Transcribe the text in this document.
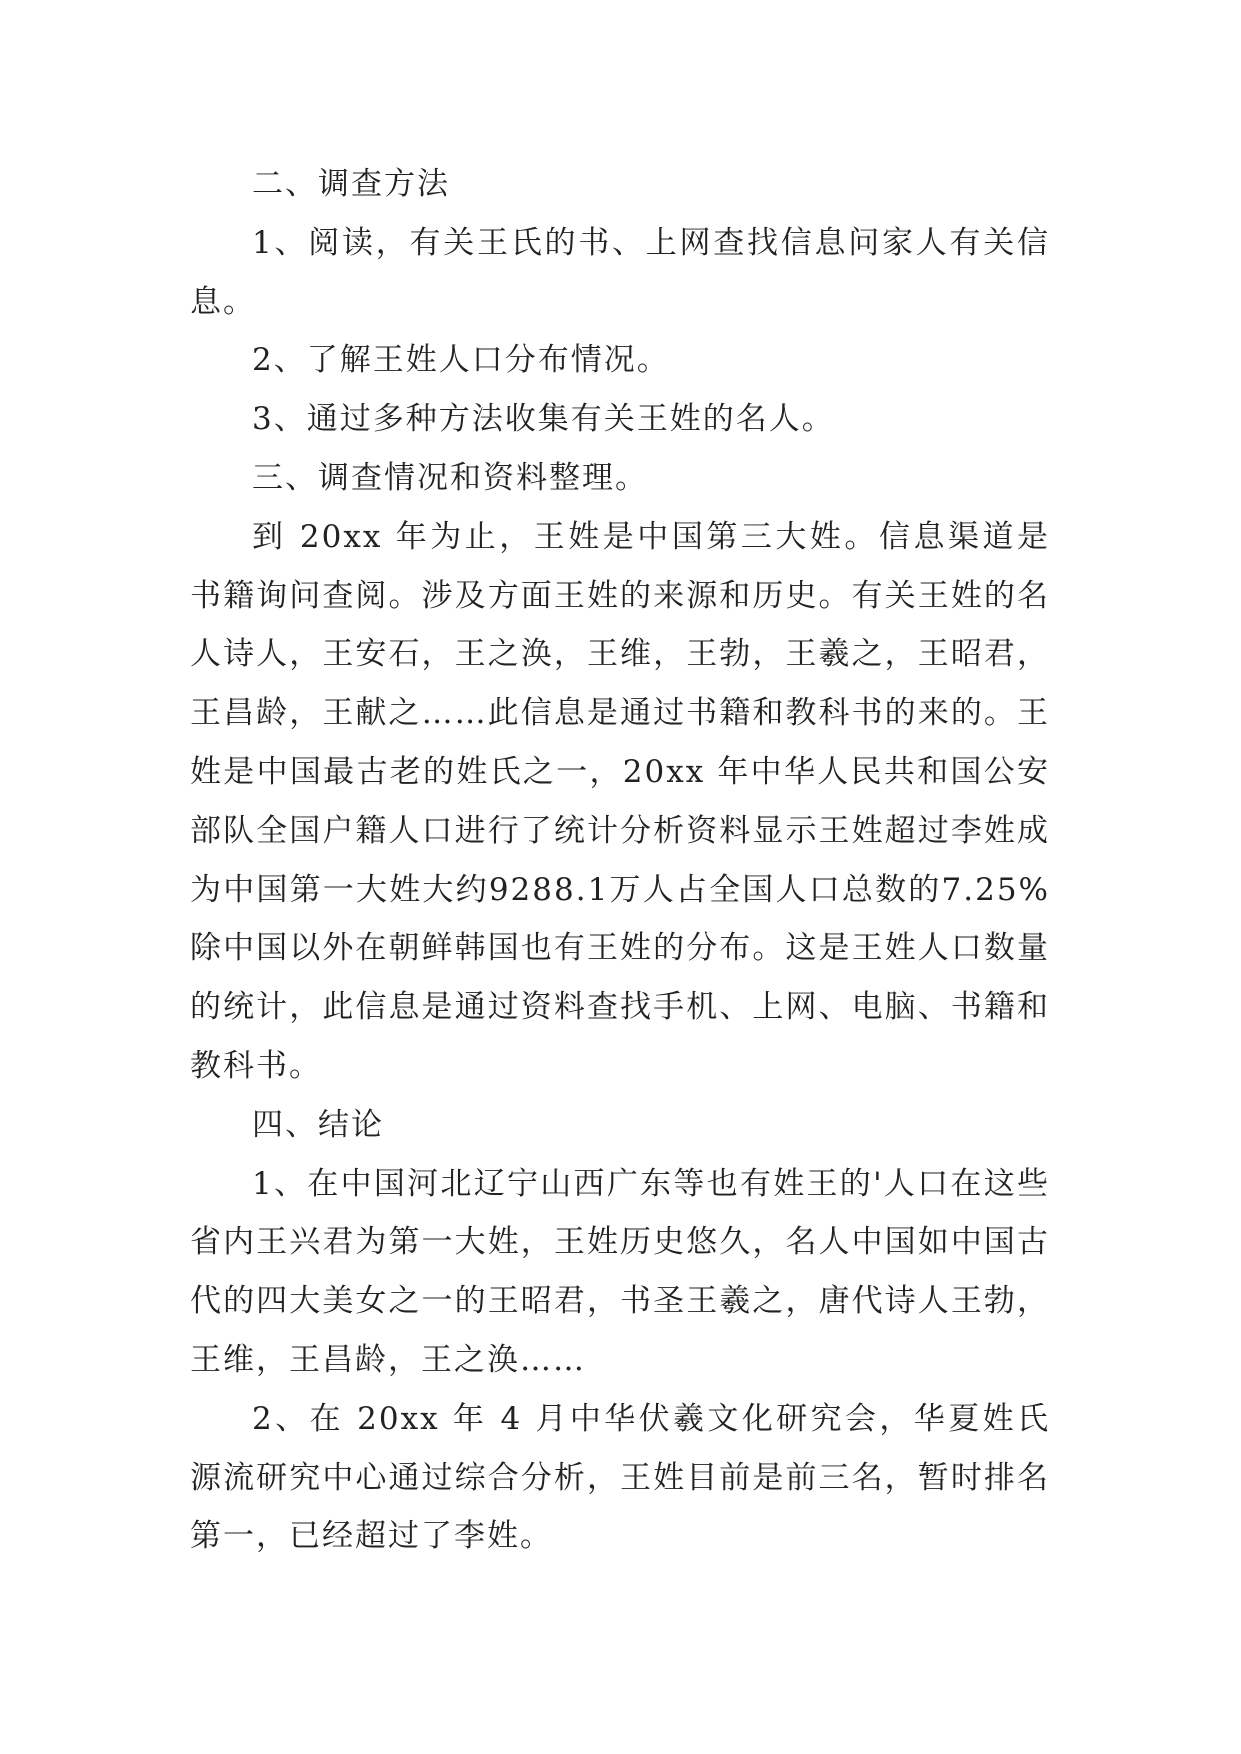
二、调查方法

1、阅读，有关王氏的书、上网查找信息问家人有关信息。

2、了解王姓人口分布情况。

3、通过多种方法收集有关王姓的名人。

三、调查情况和资料整理。

到 20xx 年为止，王姓是中国第三大姓。信息渠道是书籍询问查阅。涉及方面王姓的来源和历史。有关王姓的名人诗人，王安石，王之涣，王维，王勃，王羲之，王昭君，王昌龄，王献之……此信息是通过书籍和教科书的来的。王姓是中国最古老的姓氏之一，20xx 年中华人民共和国公安部队全国户籍人口进行了统计分析资料显示王姓超过李姓成为中国第一大姓大约9288.1万人占全国人口总数的7.25%除中国以外在朝鲜韩国也有王姓的分布。这是王姓人口数量的统计，此信息是通过资料查找手机、上网、电脑、书籍和教科书。

四、结论

1、在中国河北辽宁山西广东等也有姓王的'人口在这些省内王兴君为第一大姓，王姓历史悠久，名人中国如中国古代的四大美女之一的王昭君，书圣王羲之，唐代诗人王勃，王维，王昌龄，王之涣……

2、在 20xx 年 4 月中华伏羲文化研究会，华夏姓氏源流研究中心通过综合分析，王姓目前是前三名，暂时排名第一，已经超过了李姓。
